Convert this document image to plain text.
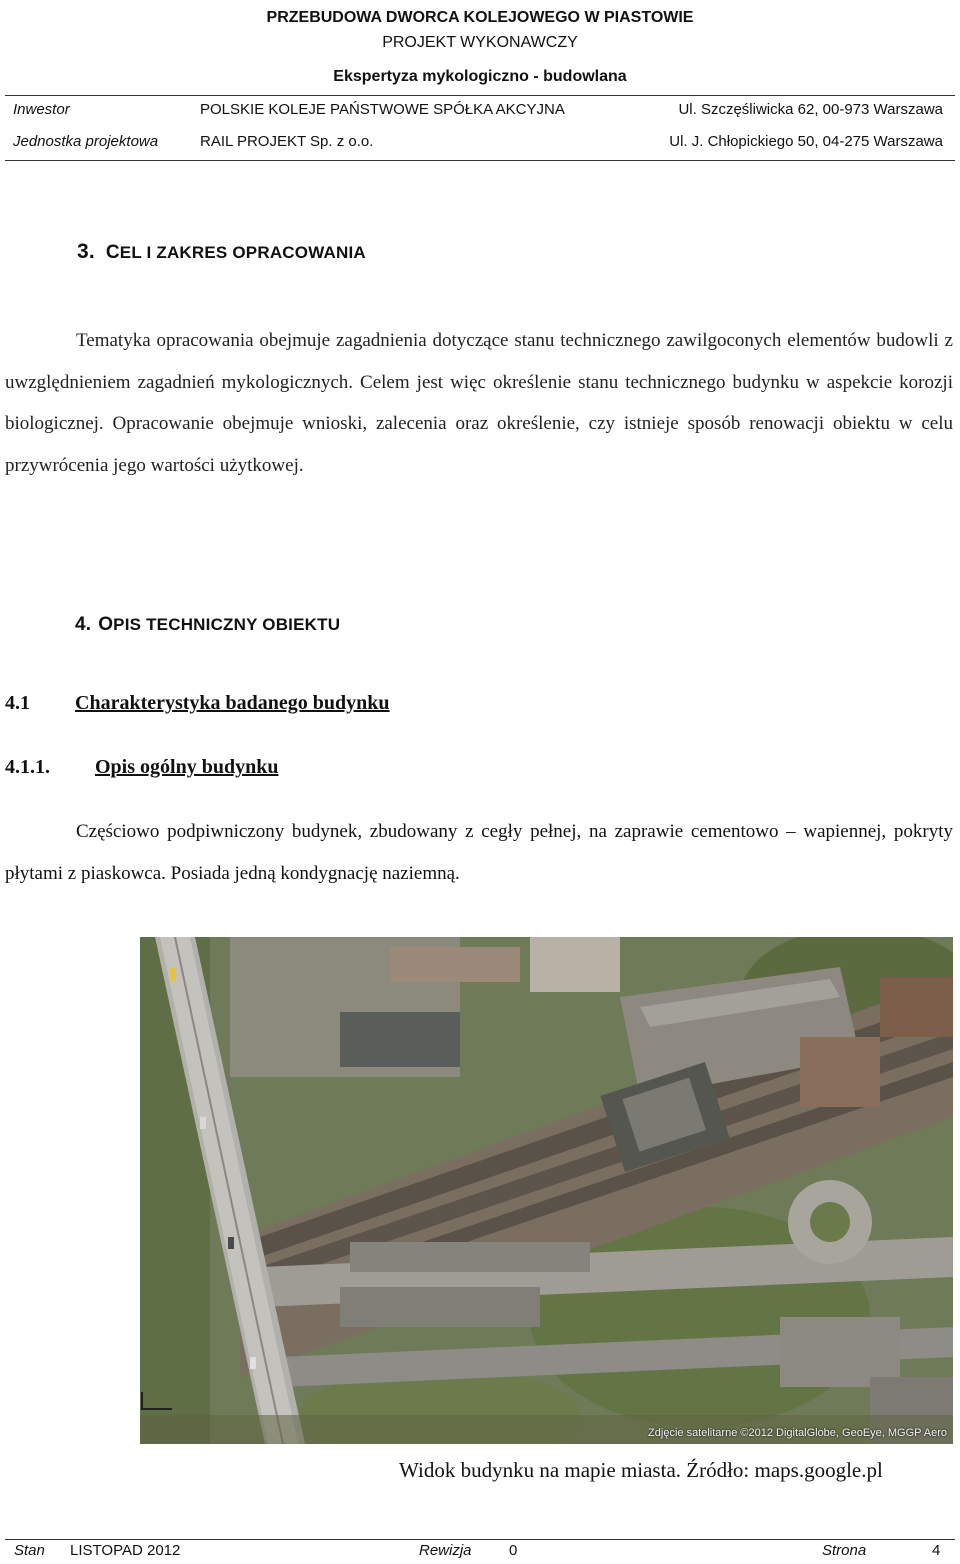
PRZEBUDOWA DWORCA KOLEJOWEGO W PIASTOWIE
PROJEKT WYKONAWCZY
Ekspertyza mykologiczno - budowlana
Inwestor	POLSKIE KOLEJE PAŃSTWOWE SPÓŁKA AKCYJNA	Ul. Szczęśliwicka 62, 00-973 Warszawa
Jednostka projektowa	RAIL PROJEKT Sp. z o.o.	Ul. J. Chłopickiego 50, 04-275 Warszawa
3. CEL I ZAKRES OPRACOWANIA

Tematyka opracowania obejmuje zagadnienia dotyczące stanu technicznego zawilgoconych elementów budowli z uwzględnieniem zagadnień mykologicznych. Celem jest więc określenie stanu technicznego budynku w aspekcie korozji biologicznej. Opracowanie obejmuje wnioski, zalecenia oraz określenie, czy istnieje sposób renowacji obiektu w celu przywrócenia jego wartości użytkowej.

4. OPIS TECHNICZNY OBIEKTU
4.1 Charakterystyka badanego budynku
4.1.1. Opis ogólny budynku

Częściowo podpiwniczony budynek, zbudowany z cegły pełnej, na zaprawie cementowo – wapiennej, pokryty płytami z piaskowca. Posiada jedną kondygnację naziemną.

Zdjęcie satelitarne ©2012 DigitalGlobe, GeoEye, MGGP Aero
Widok budynku na mapie miasta. Źródło: maps.google.pl
Stan LISTOPAD 2012	Rewizja 0	Strona	4
